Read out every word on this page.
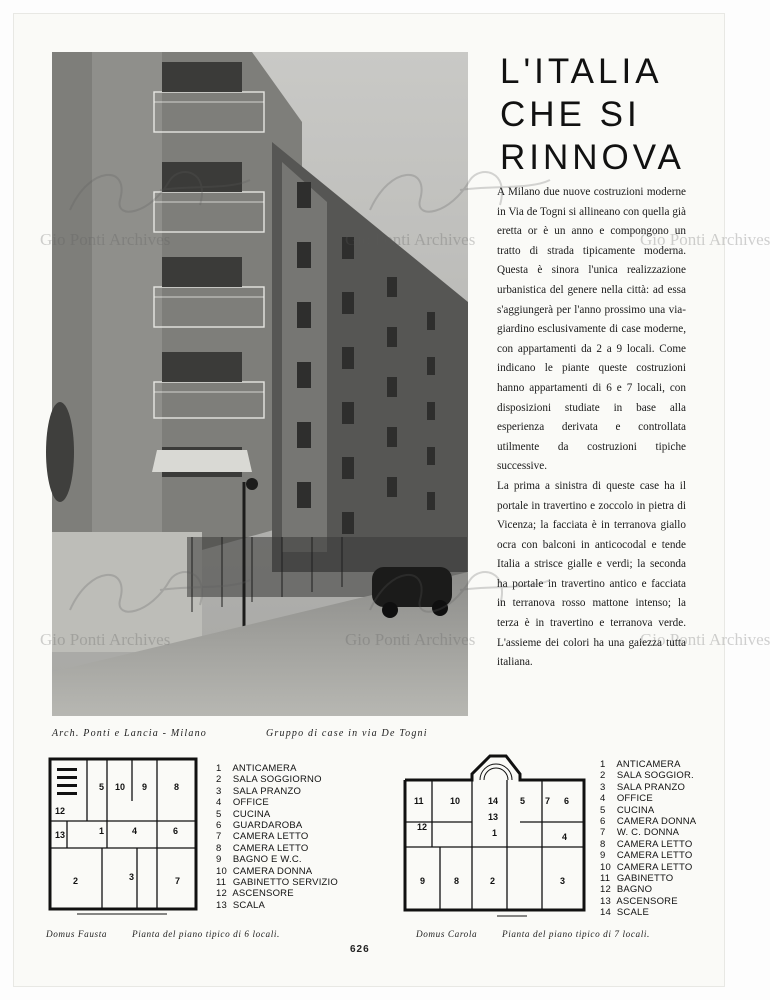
L'ITALIA
CHE SI
RINNOVA

A Milano due nuove costruzioni moderne in Via de Togni si allineano con quella già eretta or è un anno e compongono un tratto di strada tipicamente moderna. Questa è sinora l'unica realizzazione urbanistica del genere nella città: ad essa s'aggiungerà per l'anno prossimo una via-giardino esclusivamente di case moderne, con appartamenti da 2 a 9 locali. Come indicano le piante queste costruzioni hanno appartamenti di 6 e 7 locali, con disposizioni studiate in base alla esperienza derivata e controllata utilmente da costruzioni tipiche successive.

La prima a sinistra di queste case ha il portale in travertino e zoccolo in pietra di Vicenza; la facciata è in terranova giallo ocra con balconi in anticocodal e tende Italia a strisce gialle e verdi; la seconda ha portale in travertino antico e facciata in terranova rosso mattone intenso; la terza è in travertino e terranova verde. L'assieme dei colori ha una gaiezza tutta italiana.

Arch. Ponti e Lancia - Milano	Gruppo di case in via De Togni
5 10 9	8
1	4	6
2	3	7
12
13
1 ANTICAMERA
2 SALA SOGGIORNO
3 SALA PRANZO
4 OFFICE
5 CUCINA
6 GUARDAROBA
7 CAMERA LETTO
8 CAMERA LETTO
9 BAGNO E W.C.
10 CAMERA DONNA
11 GABINETTO SERVIZIO
12 ASCENSORE
13 SCALA
Domus Fausta	Pianta del piano tipico di 6 locali.
10
11	14 5 7 6
13
1	4
9	8	2	3
12
1 ANTICAMERA
2 SALA SOGGIOR.
3 SALA PRANZO
4 OFFICE
5 CUCINA
6 CAMERA DONNA
7 W. C. DONNA
8 CAMERA LETTO
9 CAMERA LETTO
10 CAMERA LETTO
11 GABINETTO
12 BAGNO
13 ASCENSORE
14 SCALE
Domus Carola	Pianta del piano tipico di 7 locali.
626
Gio Ponti Archives	Gio Ponti Archives	Gio Ponti Archives
Gio Ponti Archives	Gio Ponti Archives	Gio Ponti Archives
